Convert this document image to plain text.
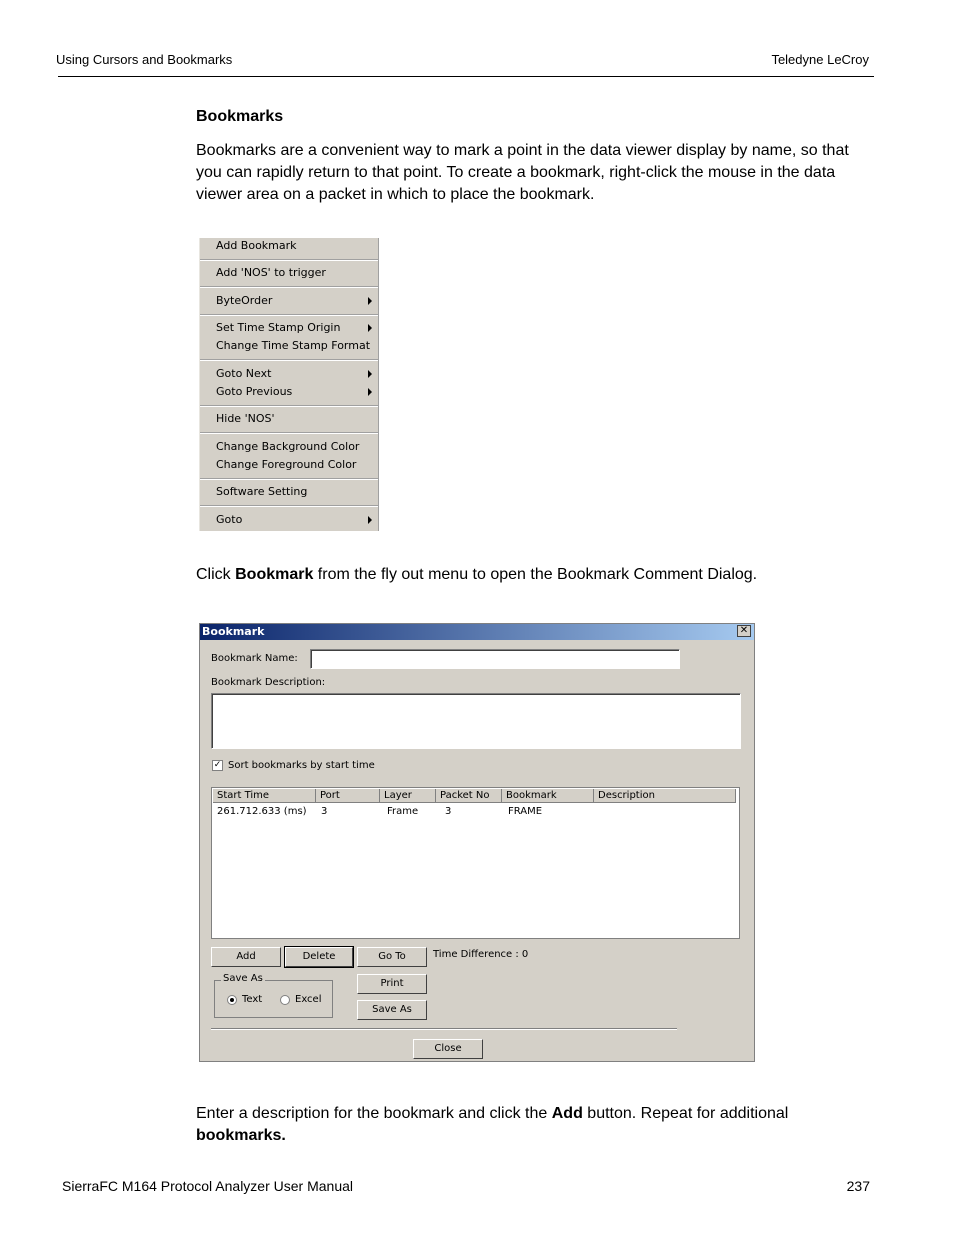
Using Cursors and Bookmarks	Teledyne LeCroy
Bookmarks

Bookmarks are a convenient way to mark a point in the data viewer display by name, so that you can rapidly return to that point. To create a bookmark, right-click the mouse in the data viewer area on a packet in which to place the bookmark.

Add Bookmark
Add 'NOS' to trigger
ByteOrder
Set Time Stamp Origin
Change Time Stamp Format
Goto Next
Goto Previous
Hide 'NOS'
Change Background Color
Change Foreground Color
Software Setting
Goto

Click Bookmark from the fly out menu to open the Bookmark Comment Dialog.

Bookmark	✕
Bookmark Name:
Bookmark Description:
✓ Sort bookmarks by start time
Start Time	Port	Layer	Packet No	Bookmark	Description
261.712.633 (ms)	3	Frame	3	FRAME
Add	Delete	Go To	Time Difference : 0
Save As
Text	Excel
Print
Save As
Close

Enter a description for the bookmark and click the Add button. Repeat for additional bookmarks.

SierraFC M164 Protocol Analyzer User Manual	237
